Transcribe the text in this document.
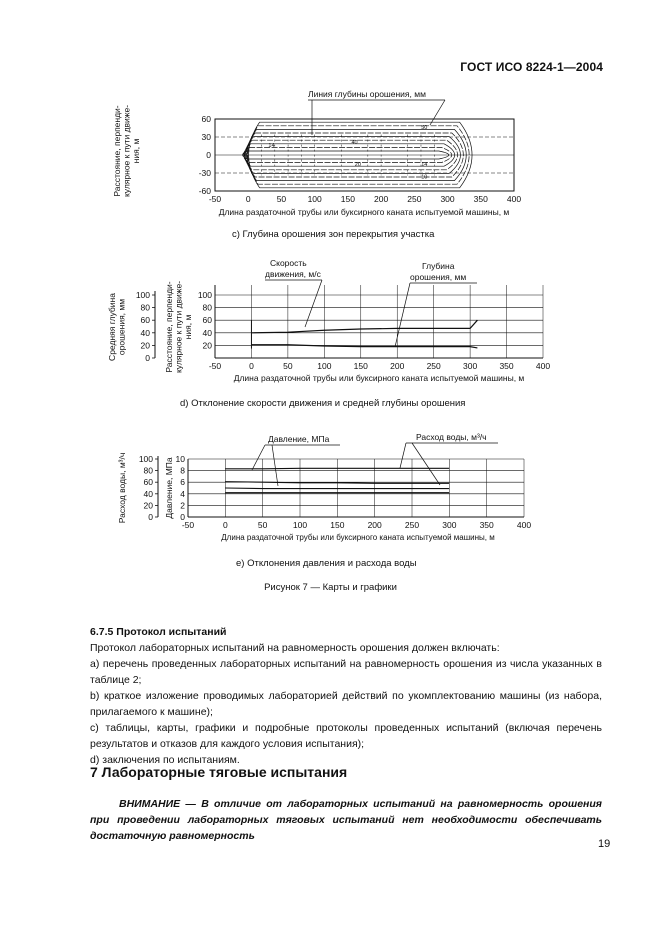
ГОСТ ИСО 8224-1—2004
60
30
0
-30
-60
-50	0	50	100 150 200 250 300 350 400
40
14
20
50
14
10
Линия глубины орошения, мм
Расстояние, перпенди-кулярное к пути движе-ния, м
Длина раздаточной трубы или буксирного каната испытуемой машины, м
с) Глубина орошения зон перекрытия участка
20
40
60
80
100
-50	0	50	100	150	200	250	300	350	400
0
20
40
60
80
100
Скорость
движения, м/с
Глубина
орошения, мм
Средняя глубинаорошения, мм	Расстояние, перпенди-кулярное к пути движе-ния, м
Длина раздаточной трубы или буксирного каната испытуемой машины, м
d) Отклонение скорости движения и средней глубины орошения
0
2
4
6
8
10
-50	0	50	100	150	200	250	300	350	400
0
20
40
60
80
100
Давление, МПа	Расход воды, м³/ч
Расход воды, м³/ч	Давление, МПа
Длина раздаточной трубы или буксирного каната испытуемой машины, м
е) Отклонения давления и расхода воды
Рисунок 7 — Карты и графики
6.7.5 Протокол испытаний
Протокол лабораторных испытаний на равномерность орошения должен включать:
а) перечень проведенных лабораторных испытаний на равномерность орошения из числа указанных в таблице 2;
b) краткое изложение проводимых лабораторией действий по укомплектованию машины (из набора, прилагаемого к машине);
с) таблицы, карты, графики и подробные протоколы проведенных испытаний (включая перечень результатов и отказов для каждого условия испытания);
d) заключения по испытаниям.
7 Лабораторные тяговые испытания
ВНИМАНИЕ — В отличие от лабораторных испытаний на равномерность орошения при проведении лабораторных тяговых испытаний нет необходимости обеспечивать достаточную равномерность
19
